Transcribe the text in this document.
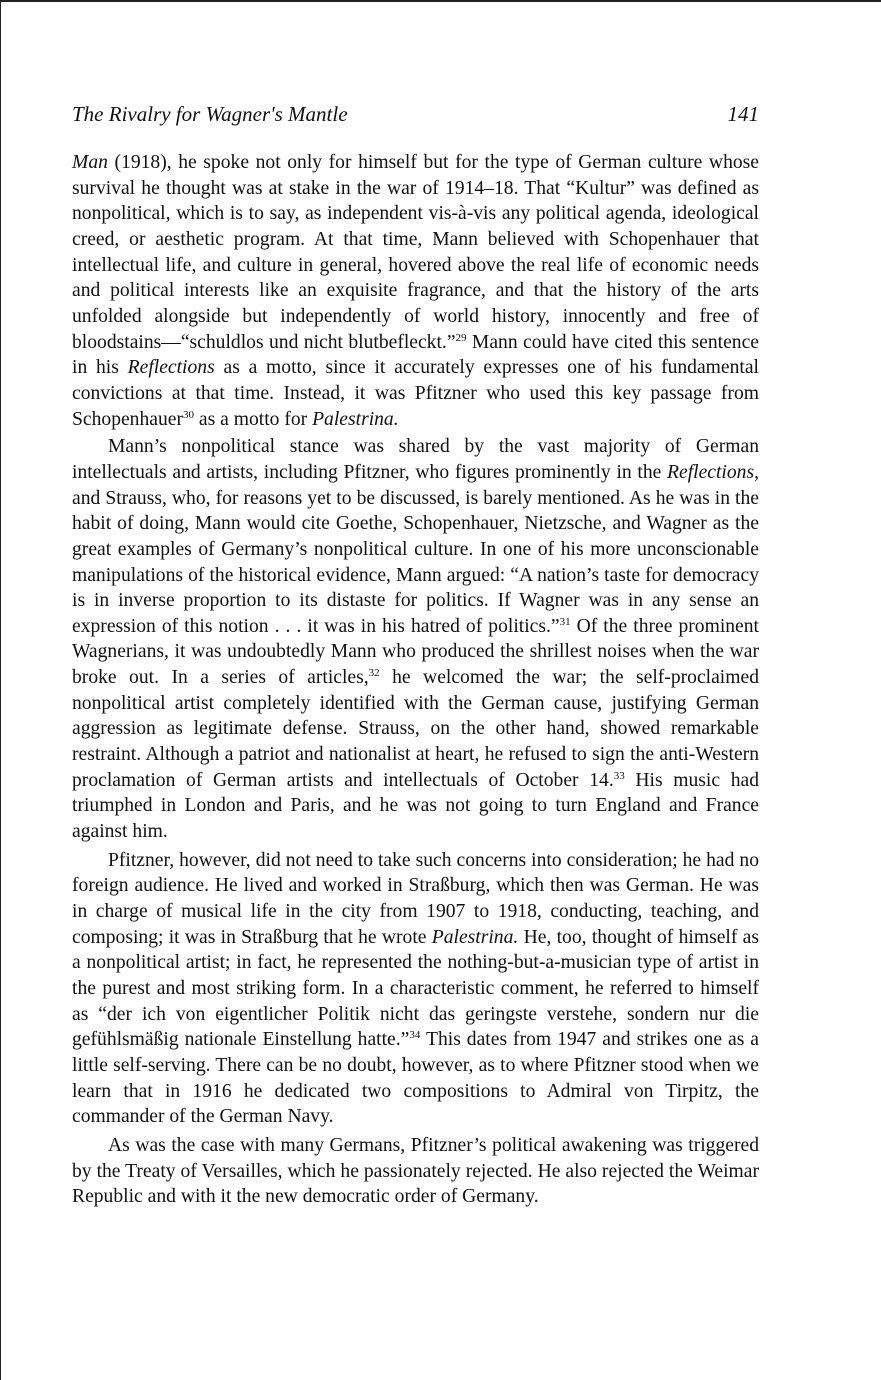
The Rivalry for Wagner's Mantle	141

Man (1918), he spoke not only for himself but for the type of German culture whose survival he thought was at stake in the war of 1914–18. That “Kultur” was defined as nonpolitical, which is to say, as independent vis-à-vis any political agenda, ideological creed, or aesthetic program. At that time, Mann believed with Schopenhauer that intellectual life, and culture in general, hovered above the real life of economic needs and political interests like an exquisite fragrance, and that the history of the arts unfolded alongside but independently of world history, innocently and free of bloodstains—“schuldlos und nicht blutbefleckt.”$^{29}$ Mann could have cited this sentence in his Reflections as a motto, since it accurately expresses one of his fundamental convictions at that time. Instead, it was Pfitzner who used this key passage from Schopenhauer$^{30}$ as a motto for Palestrina.

Mann’s nonpolitical stance was shared by the vast majority of German intellectuals and artists, including Pfitzner, who figures prominently in the Reflections, and Strauss, who, for reasons yet to be discussed, is barely mentioned. As he was in the habit of doing, Mann would cite Goethe, Schopenhauer, Nietzsche, and Wagner as the great examples of Germany’s nonpolitical culture. In one of his more unconscionable manipulations of the historical evidence, Mann argued: “A nation’s taste for democracy is in inverse proportion to its distaste for politics. If Wagner was in any sense an expression of this notion . . . it was in his hatred of politics.”$^{31}$ Of the three prominent Wagnerians, it was undoubtedly Mann who produced the shrillest noises when the war broke out. In a series of articles,$^{32}$ he welcomed the war; the self-proclaimed nonpolitical artist completely identified with the German cause, justifying German aggression as legitimate defense. Strauss, on the other hand, showed remarkable restraint. Although a patriot and nationalist at heart, he refused to sign the anti-Western proclamation of German artists and intellectuals of October 14.33 His music had triumphed in London and Paris, and he was not going to turn England and France against him.

Pfitzner, however, did not need to take such concerns into consideration; he had no foreign audience. He lived and worked in Straßburg, which then was German. He was in charge of musical life in the city from 1907 to 1918, conducting, teaching, and composing; it was in Straßburg that he wrote Palestrina. He, too, thought of himself as a nonpolitical artist; in fact, he represented the nothing-but-a-musician type of artist in the purest and most striking form. In a characteristic comment, he referred to himself as “der ich von eigentlicher Politik nicht das geringste verstehe, sondern nur die gefühlsmäßig nationale Einstellung hatte.”$^{34}$ This dates from 1947 and strikes one as a little self-serving. There can be no doubt, however, as to where Pfitzner stood when we learn that in 1916 he dedicated two compositions to Admiral von Tirpitz, the commander of the German Navy.

As was the case with many Germans, Pfitzner’s political awakening was triggered by the Treaty of Versailles, which he passionately rejected. He also rejected the Weimar Republic and with it the new democratic order of Germany.
